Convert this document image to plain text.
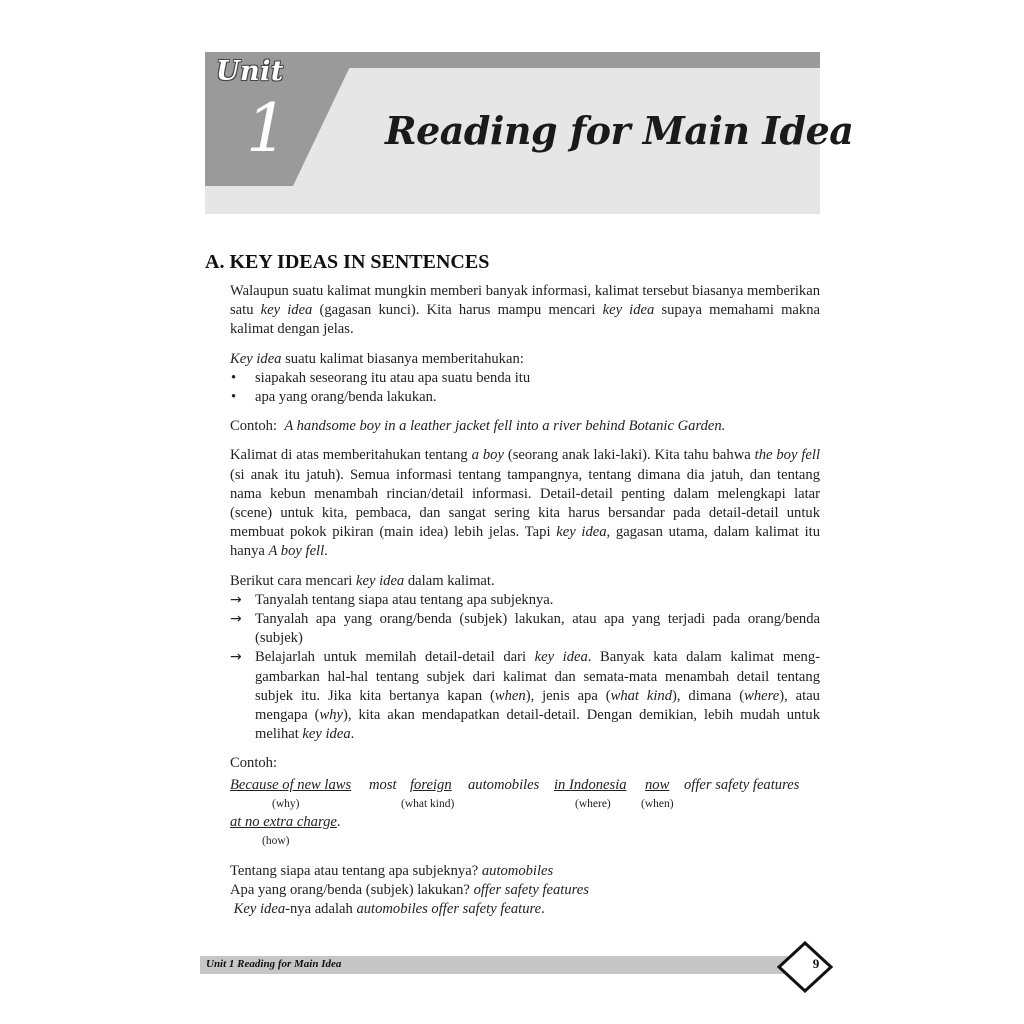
Unit
1	Reading for Main Idea
A. KEY IDEAS IN SENTENCES

Walaupun suatu kalimat mungkin memberi banyak informasi, kalimat tersebut biasanya memberikan satu key idea (gagasan kunci). Kita harus mampu mencari key idea supaya memahami makna kalimat dengan jelas.

Key idea suatu kalimat biasanya memberitahukan:

• siapakah seseorang itu atau apa suatu benda itu
• apa yang orang/benda lakukan.

Contoh: A handsome boy in a leather jacket fell into a river behind Botanic Garden.

Kalimat di atas memberitahukan tentang a boy (seorang anak laki-laki). Kita tahu bahwa the boy fell (si anak itu jatuh). Semua informasi tentang tampangnya, tentang dimana dia jatuh, dan tentang nama kebun menambah rincian/detail informasi. Detail-detail penting dalam melengkapi latar (scene) untuk kita, pembaca, dan sangat sering kita harus bersandar pada detail-detail untuk membuat pokok pikiran (main idea) lebih jelas. Tapi key idea, gagasan utama, dalam kalimat itu hanya A boy fell.

Berikut cara mencari key idea dalam kalimat.

→ Tanyalah tentang siapa atau tentang apa subjeknya.
→ Tanyalah apa yang orang/benda (subjek) lakukan, atau apa yang terjadi pada orang/benda (subjek)
→ Belajarlah untuk memilah detail-detail dari key idea. Banyak kata dalam kalimat meng-gambarkan hal-hal tentang subjek dari kalimat dan semata-mata menambah detail tentang subjek itu. Jika kita bertanya kapan (when), jenis apa (what kind), dimana (where), atau mengapa (why), kita akan mendapatkan detail-detail. Dengan demikian, lebih mudah untuk melihat key idea.

Contoh:

Because of new laws most foreign automobiles in Indonesia now offer safety features
(why)	(what kind)	(where)	(when)
at no extra charge.
(how)

Tentang siapa atau tentang apa subjeknya? automobiles

Apa yang orang/benda (subjek) lakukan? offer safety features

Key idea-nya adalah automobiles offer safety feature.

Unit 1 Reading for Main Idea	9
